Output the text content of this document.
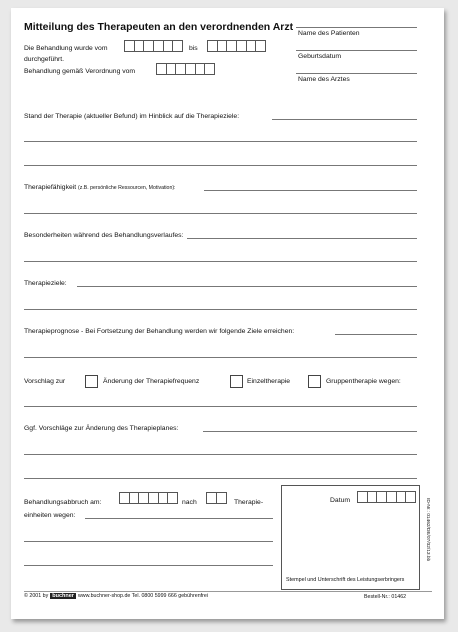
Mitteilung des Therapeuten an den verordnenden Arzt
Name des Patienten
Geburtsdatum
Name des Arztes
Die Behandlung wurde vom	bis
durchgeführt.
Behandlung gemäß Verordnung vom
Stand der Therapie (aktueller Befund) im Hinblick auf die Therapieziele:
Therapiefähigkeit (z.B. persönliche Ressourcen, Motivation):
Besonderheiten während des Behandlungsverlaufes:
Therapieziele:
Therapieprognose - Bei Fortsetzung der Behandlung werden wir folgende Ziele erreichen:
Vorschlag zur	Änderung der Therapiefrequenz	Einzeltherapie	Gruppentherapie wegen:
Ggf. Vorschläge zur Änderung des Therapieplanes:
Behandlungsabbruch am:	nach	Therapie-
einheiten wegen:
Datum
Stempel und Unterschrift des Leistungserbringers
ID-Nr.: 01462/DE/07/02/13.bb
© 2001 by buchner www.buchner-shop.de Tel. 0800 5999 666 gebührenfrei	Bestell-Nr.: 01462
